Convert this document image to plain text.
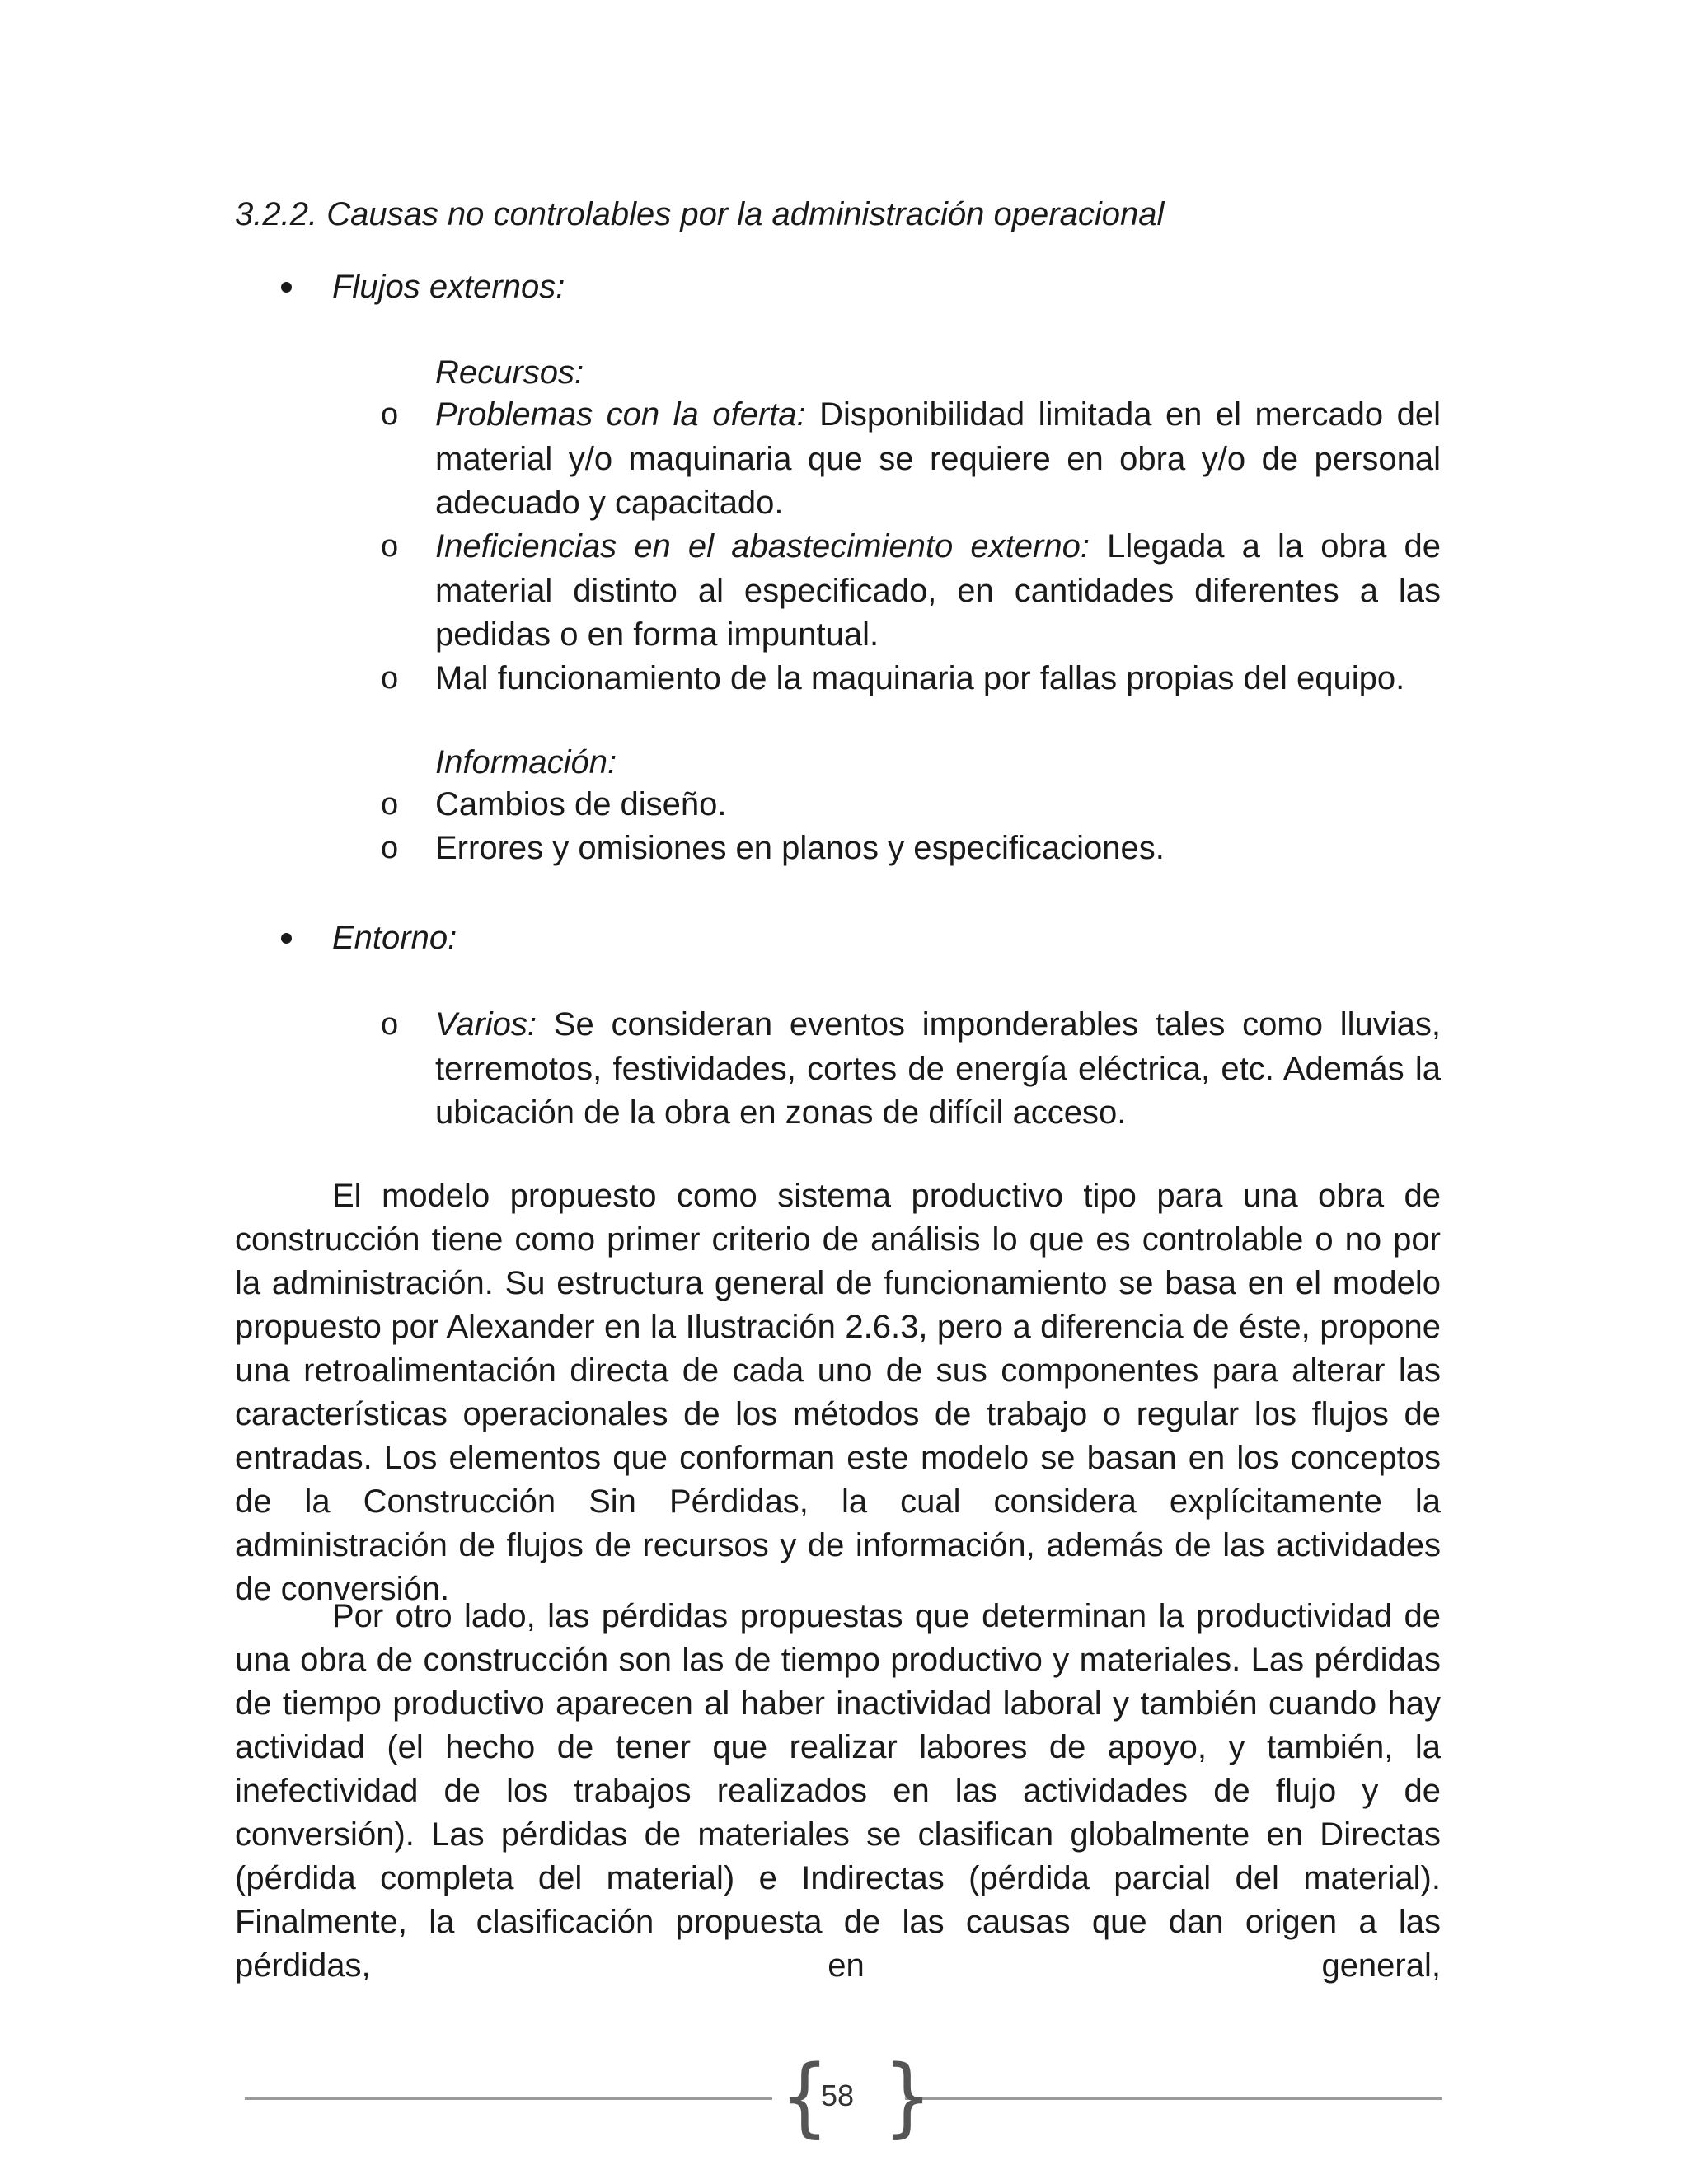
3.2.2. Causas no controlables por la administración operacional
Flujos externos:
Recursos:
o Problemas con la oferta: Disponibilidad limitada en el mercado del material y/o maquinaria que se requiere en obra y/o de personal adecuado y capacitado.
o Ineficiencias en el abastecimiento externo: Llegada a la obra de material distinto al especificado, en cantidades diferentes a las pedidas o en forma impuntual.
o Mal funcionamiento de la maquinaria por fallas propias del equipo.
Información:
o Cambios de diseño.
o Errores y omisiones en planos y especificaciones.
Entorno:
o Varios: Se consideran eventos imponderables tales como lluvias, terremotos, festividades, cortes de energía eléctrica, etc. Además la ubicación de la obra en zonas de difícil acceso.

El modelo propuesto como sistema productivo tipo para una obra de construcción tiene como primer criterio de análisis lo que es controlable o no por la administración. Su estructura general de funcionamiento se basa en el modelo propuesto por Alexander en la Ilustración 2.6.3, pero a diferencia de éste, propone una retroalimentación directa de cada uno de sus componentes para alterar las características operacionales de los métodos de trabajo o regular los flujos de entradas. Los elementos que conforman este modelo se basan en los conceptos de la Construcción Sin Pérdidas, la cual considera explícitamente la administración de flujos de recursos y de información, además de las actividades de conversión.

Por otro lado, las pérdidas propuestas que determinan la productividad de una obra de construcción son las de tiempo productivo y materiales. Las pérdidas de tiempo productivo aparecen al haber inactividad laboral y también cuando hay actividad (el hecho de tener que realizar labores de apoyo, y también, la inefectividad de los trabajos realizados en las actividades de flujo y de conversión). Las pérdidas de materiales se clasifican globalmente en Directas (pérdida completa del material) e Indirectas (pérdida parcial del material). Finalmente, la clasificación propuesta de las causas que dan origen a las pérdidas, en general,

{ }
58
